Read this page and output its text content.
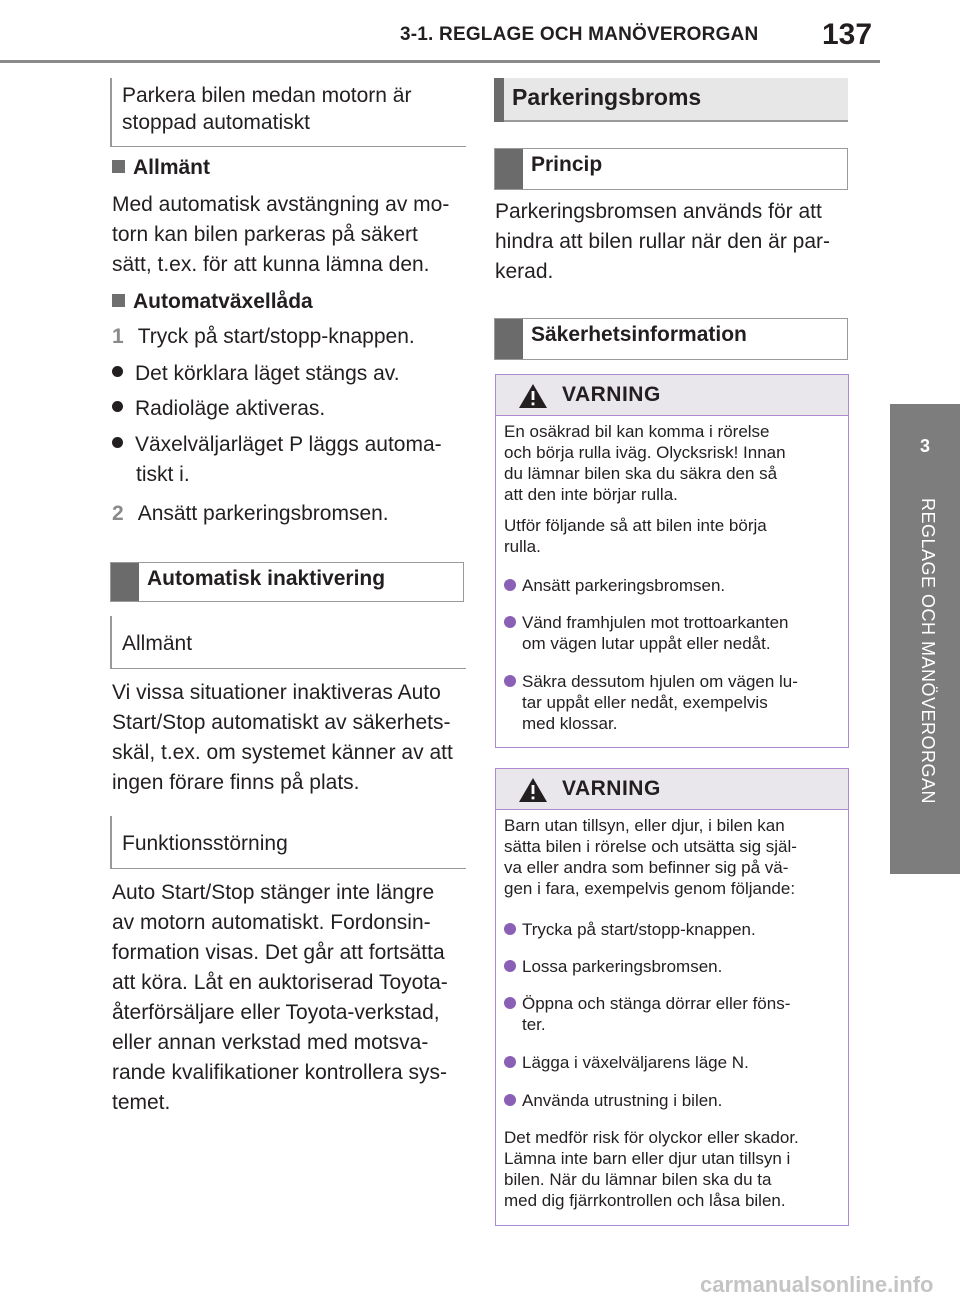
3-1. REGLAGE OCH MANÖVERORGAN 137
3
REGLAGE OCH MANÖVERORGAN
Parkera bilen medan motorn är
stoppad automatiskt
Allmänt
Med automatisk avstängning av mo-
torn kan bilen parkeras på säkert
sätt, t.ex. för att kunna lämna den.
Automatväxellåda
1 Tryck på start/stopp-knappen.
Det körklara läget stängs av.
Radioläge aktiveras.
Växelväljarläget P läggs automa-
tiskt i.
2 Ansätt parkeringsbromsen.
Automatisk inaktivering
Allmänt
Vi vissa situationer inaktiveras Auto
Start/Stop automatiskt av säkerhets-
skäl, t.ex. om systemet känner av att
ingen förare finns på plats.
Funktionsstörning
Auto Start/Stop stänger inte längre
av motorn automatiskt. Fordonsin-
formation visas. Det går att fortsätta
att köra. Låt en auktoriserad Toyota-
återförsäljare eller Toyota-verkstad,
eller annan verkstad med motsva-
rande kvalifikationer kontrollera sys-
temet.
Parkeringsbroms
Princip
Parkeringsbromsen används för att
hindra att bilen rullar när den är par-
kerad.
Säkerhetsinformation
VARNING
En osäkrad bil kan komma i rörelse
och börja rulla iväg. Olycksrisk! Innan
du lämnar bilen ska du säkra den så
att den inte börjar rulla.
Utför följande så att bilen inte börja
rulla.
Ansätt parkeringsbromsen.
Vänd framhjulen mot trottoarkanten
om vägen lutar uppåt eller nedåt.
Säkra dessutom hjulen om vägen lu-
tar uppåt eller nedåt, exempelvis
med klossar.
VARNING
Barn utan tillsyn, eller djur, i bilen kan
sätta bilen i rörelse och utsätta sig själ-
va eller andra som befinner sig på vä-
gen i fara, exempelvis genom följande:
Trycka på start/stopp-knappen.
Lossa parkeringsbromsen.
Öppna och stänga dörrar eller föns-
ter.
Lägga i växelväljarens läge N.
Använda utrustning i bilen.
Det medför risk för olyckor eller skador.
Lämna inte barn eller djur utan tillsyn i
bilen. När du lämnar bilen ska du ta
med dig fjärrkontrollen och låsa bilen.
carmanualsonline.info
